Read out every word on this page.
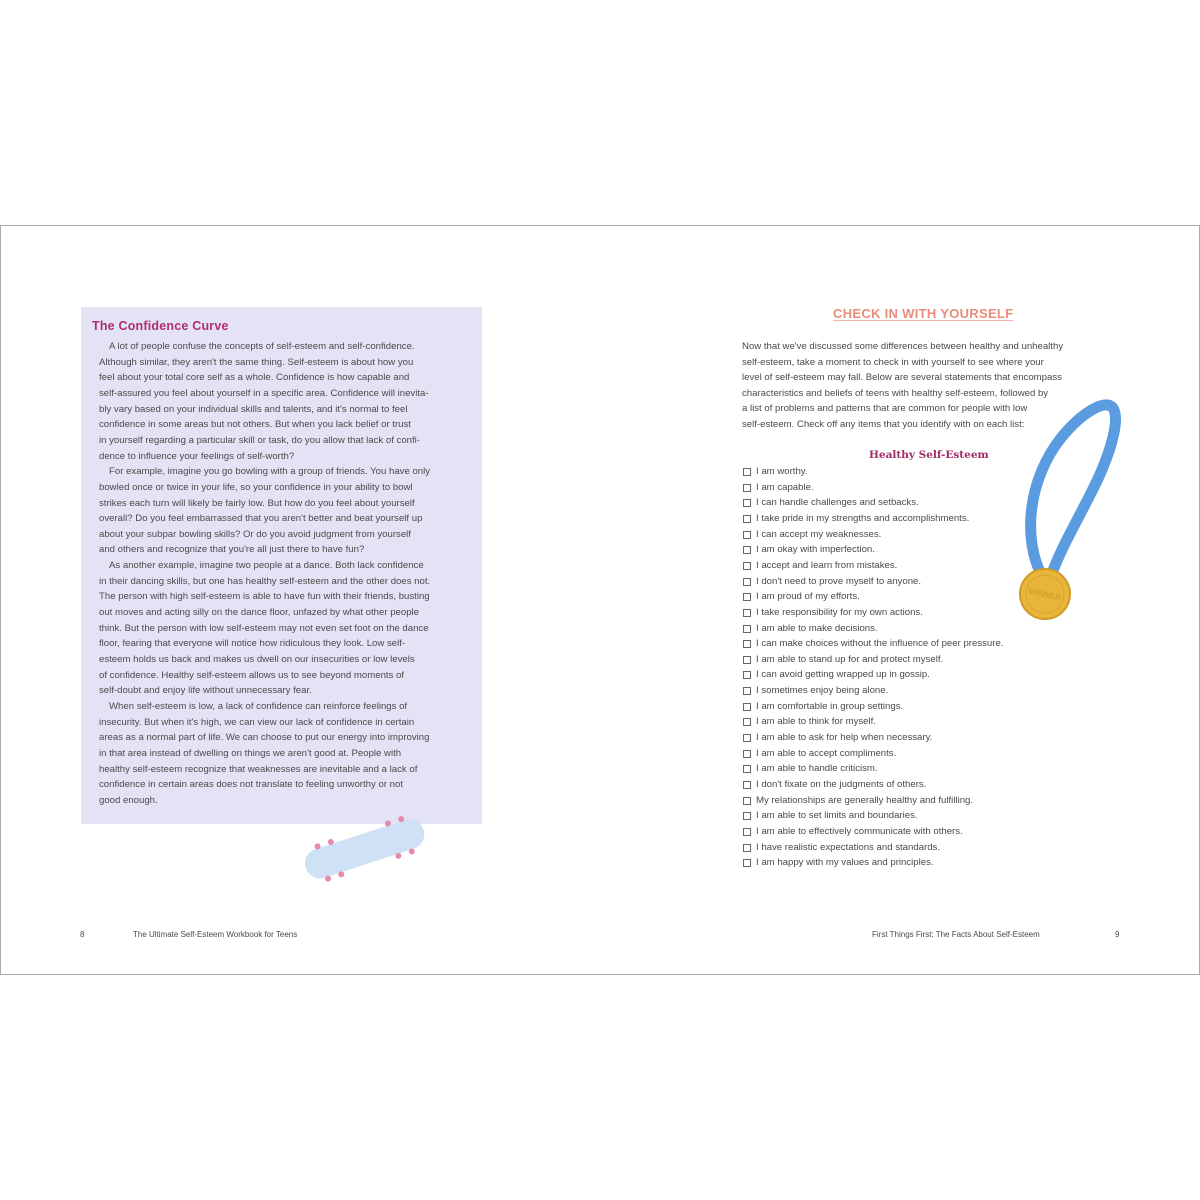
The Confidence Curve
A lot of people confuse the concepts of self-esteem and self-confidence.
Although similar, they aren't the same thing. Self-esteem is about how you
feel about your total core self as a whole. Confidence is how capable and
self-assured you feel about yourself in a specific area. Confidence will inevita-
bly vary based on your individual skills and talents, and it's normal to feel
confidence in some areas but not others. But when you lack belief or trust
in yourself regarding a particular skill or task, do you allow that lack of confi-
dence to influence your feelings of self-worth?
For example, imagine you go bowling with a group of friends. You have only
bowled once or twice in your life, so your confidence in your ability to bowl
strikes each turn will likely be fairly low. But how do you feel about yourself
overall? Do you feel embarrassed that you aren't better and beat yourself up
about your subpar bowling skills? Or do you avoid judgment from yourself
and others and recognize that you're all just there to have fun?
As another example, imagine two people at a dance. Both lack confidence
in their dancing skills, but one has healthy self-esteem and the other does not.
The person with high self-esteem is able to have fun with their friends, busting
out moves and acting silly on the dance floor, unfazed by what other people
think. But the person with low self-esteem may not even set foot on the dance
floor, fearing that everyone will notice how ridiculous they look. Low self-
esteem holds us back and makes us dwell on our insecurities or low levels
of confidence. Healthy self-esteem allows us to see beyond moments of
self-doubt and enjoy life without unnecessary fear.
When self-esteem is low, a lack of confidence can reinforce feelings of
insecurity. But when it's high, we can view our lack of confidence in certain
areas as a normal part of life. We can choose to put our energy into improving
in that area instead of dwelling on things we aren't good at. People with
healthy self-esteem recognize that weaknesses are inevitable and a lack of
confidence in certain areas does not translate to feeling unworthy or not
good enough.
8	The Ultimate Self-Esteem Workbook for Teens
CHECK IN WITH YOURSELF
Now that we've discussed some differences between healthy and unhealthy
self-esteem, take a moment to check in with yourself to see where your
level of self-esteem may fall. Below are several statements that encompass
characteristics and beliefs of teens with healthy self-esteem, followed by
a list of problems and patterns that are common for people with low
self-esteem. Check off any items that you identify with on each list:
Healthy Self-Esteem
I am worthy.
I am capable.
I can handle challenges and setbacks.
I take pride in my strengths and accomplishments.
I can accept my weaknesses.
I am okay with imperfection.
I accept and learn from mistakes.
I don't need to prove myself to anyone.
I am proud of my efforts.
I take responsibility for my own actions.
I am able to make decisions.
I can make choices without the influence of peer pressure.
I am able to stand up for and protect myself.
I can avoid getting wrapped up in gossip.
I sometimes enjoy being alone.
I am comfortable in group settings.
I am able to think for myself.
I am able to ask for help when necessary.
I am able to accept compliments.
I am able to handle criticism.
I don't fixate on the judgments of others.
My relationships are generally healthy and fulfilling.
I am able to set limits and boundaries.
I am able to effectively communicate with others.
I have realistic expectations and standards.
I am happy with my values and principles.
WINNER
First Things First: The Facts About Self-Esteem	9
